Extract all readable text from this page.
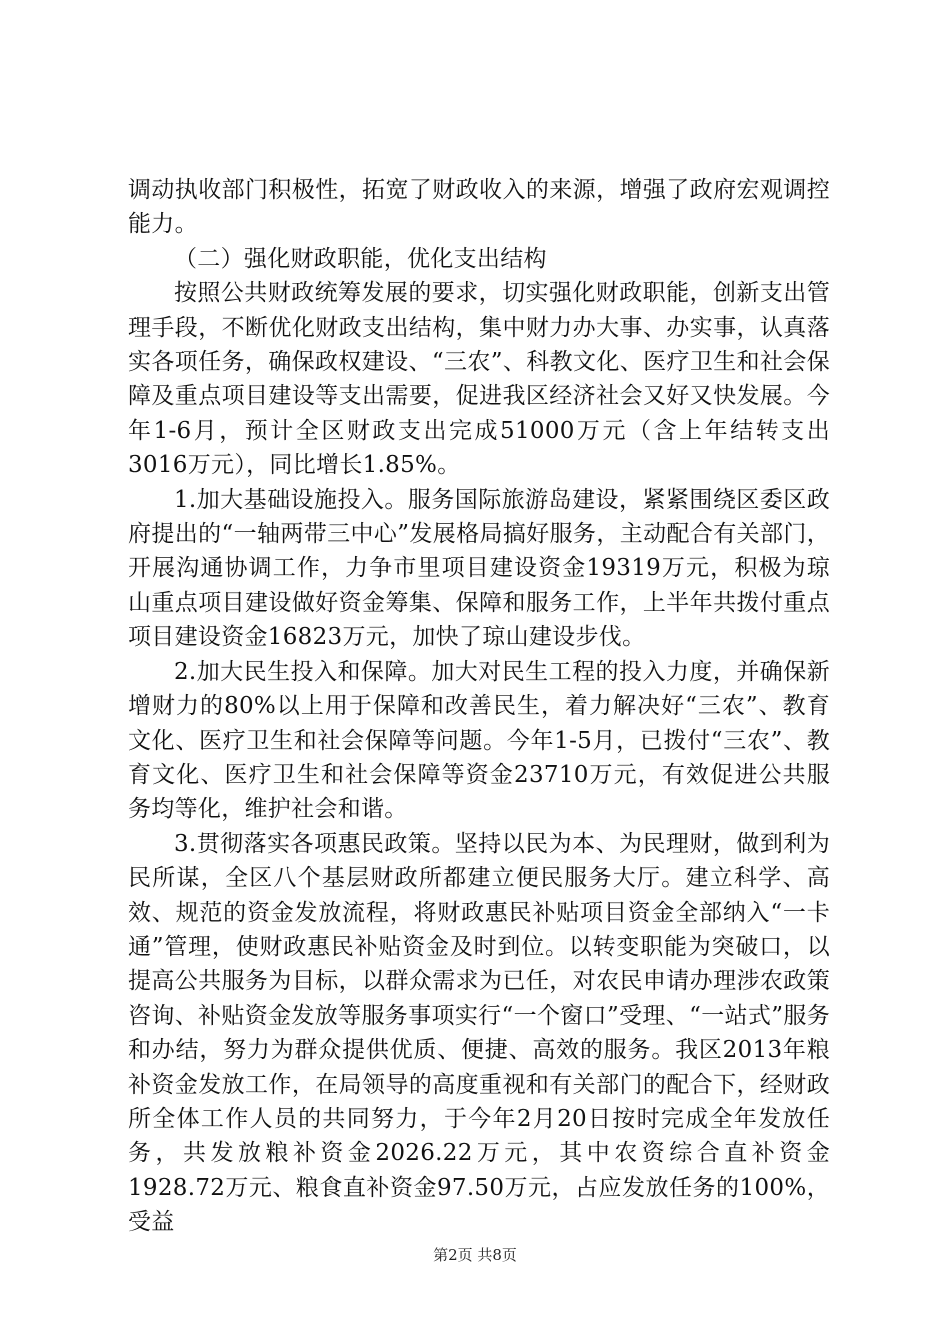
调动执收部门积极性，拓宽了财政收入的来源，增强了政府宏观调控能力。

（二）强化财政职能，优化支出结构

按照公共财政统筹发展的要求，切实强化财政职能，创新支出管理手段，不断优化财政支出结构，集中财力办大事、办实事，认真落实各项任务，确保政权建设、“三农”、科教文化、医疗卫生和社会保障及重点项目建设等支出需要，促进我区经济社会又好又快发展。今年1-6月，预计全区财政支出完成51000万元（含上年结转支出3016万元），同比增长1.85%。

1.加大基础设施投入。服务国际旅游岛建设，紧紧围绕区委区政府提出的“一轴两带三中心”发展格局搞好服务，主动配合有关部门，开展沟通协调工作，力争市里项目建设资金19319万元，积极为琼山重点项目建设做好资金筹集、保障和服务工作，上半年共拨付重点项目建设资金16823万元，加快了琼山建设步伐。

2.加大民生投入和保障。加大对民生工程的投入力度，并确保新增财力的80%以上用于保障和改善民生，着力解决好“三农”、教育文化、医疗卫生和社会保障等问题。今年1-5月，已拨付“三农”、教育文化、医疗卫生和社会保障等资金23710万元，有效促进公共服务均等化，维护社会和谐。

3.贯彻落实各项惠民政策。坚持以民为本、为民理财，做到利为民所谋，全区八个基层财政所都建立便民服务大厅。建立科学、高效、规范的资金发放流程，将财政惠民补贴项目资金全部纳入“一卡通”管理，使财政惠民补贴资金及时到位。以转变职能为突破口，以提高公共服务为目标，以群众需求为已任，对农民申请办理涉农政策咨询、补贴资金发放等服务事项实行“一个窗口”受理、“一站式”服务和办结，努力为群众提供优质、便捷、高效的服务。我区2013年粮补资金发放工作，在局领导的高度重视和有关部门的配合下，经财政所全体工作人员的共同努力，于今年2月20日按时完成全年发放任务，共发放粮补资金2026.22万元，其中农资综合直补资金1928.72万元、粮食直补资金97.50万元，占应发放任务的100%，受益

第2页 共8页
